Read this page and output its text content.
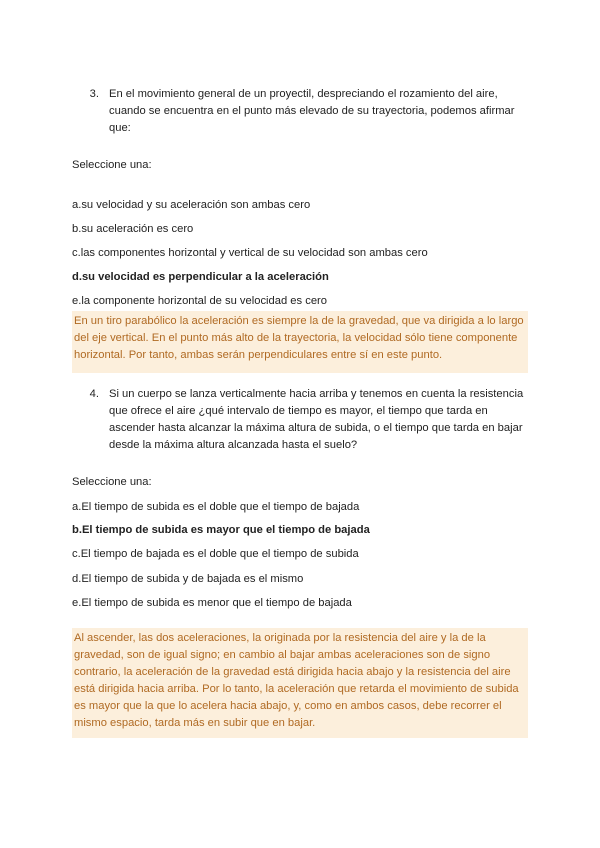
3. En el movimiento general de un proyectil, despreciando el rozamiento del aire, cuando se encuentra en el punto más elevado de su trayectoria, podemos afirmar que:
Seleccione una:
a.su velocidad y su aceleración son ambas cero
b.su aceleración es cero
c.las componentes horizontal y vertical de su velocidad son ambas cero
d.su velocidad es perpendicular a la aceleración
e.la componente horizontal de su velocidad es cero
En un tiro parabólico la aceleración es siempre la de la gravedad, que va dirigida a lo largo del eje vertical. En el punto más alto de la trayectoria, la velocidad sólo tiene componente horizontal. Por tanto, ambas serán perpendiculares entre sí en este punto.
4. Si un cuerpo se lanza verticalmente hacia arriba y tenemos en cuenta la resistencia que ofrece el aire ¿qué intervalo de tiempo es mayor, el tiempo que tarda en ascender hasta alcanzar la máxima altura de subida, o el tiempo que tarda en bajar desde la máxima altura alcanzada hasta el suelo?
Seleccione una:
a.El tiempo de subida es el doble que el tiempo de bajada
b.El tiempo de subida es mayor que el tiempo de bajada
c.El tiempo de bajada es el doble que el tiempo de subida
d.El tiempo de subida y de bajada es el mismo
e.El tiempo de subida es menor que el tiempo de bajada
Al ascender, las dos aceleraciones, la originada por la resistencia del aire y la de la gravedad, son de igual signo; en cambio al bajar ambas aceleraciones son de signo contrario, la aceleración de la gravedad está dirigida hacia abajo y la resistencia del aire está dirigida hacia arriba. Por lo tanto, la aceleración que retarda el movimiento de subida es mayor que la que lo acelera hacia abajo, y, como en ambos casos, debe recorrer el mismo espacio, tarda más en subir que en bajar.
